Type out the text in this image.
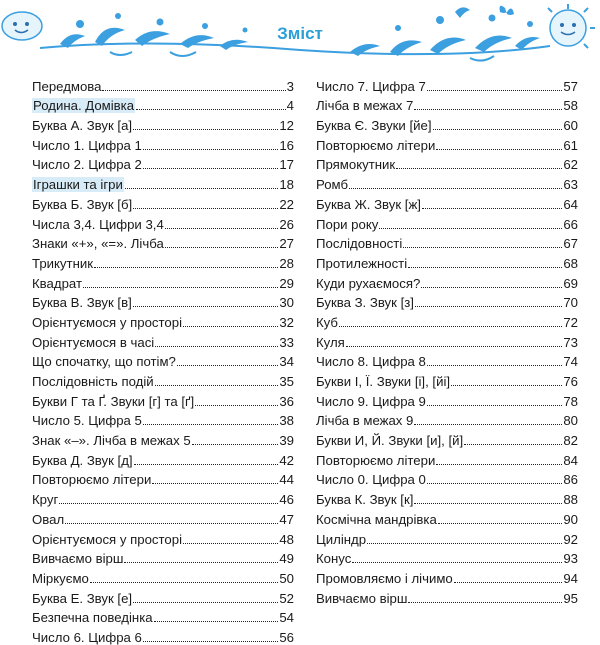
Зміст
Передмова	3
Родина. Домівка	4
Буква А. Звук [а]	12
Число 1. Цифра 1	16
Число 2. Цифра 2	17
Іграшки та ігри	18
Буква Б. Звук [б]	22
Числа 3,4. Цифри 3,4	26
Знаки «+», «=». Лічба	27
Трикутник	28
Квадрат	29
Буква В. Звук [в]	30
Орієнтуємося у просторі	32
Орієнтуємося в часі	33
Що спочатку, що потім?	34
Послідовність подій	35
Букви Г та Ґ. Звуки [г] та [ґ]	36
Число 5. Цифра 5	38
Знак «–». Лічба в межах 5	39
Буква Д. Звук [д]	42
Повторюємо літери	44
Круг	46
Овал	47
Орієнтуємося у просторі	48
Вивчаємо вірш	49
Міркуємо	50
Буква Е. Звук [е]	52
Безпечна поведінка	54
Число 6. Цифра 6	56
Число 7. Цифра 7	57
Лічба в межах 7	58
Буква Є. Звуки [йе]	60
Повторюємо літери	61
Прямокутник	62
Ромб	63
Буква Ж. Звук [ж]	64
Пори року	66
Послідовності	67
Протилежності	68
Куди рухаємося?	69
Буква З. Звук [з]	70
Куб	72
Куля	73
Число 8. Цифра 8	74
Букви І, Ї. Звуки [і], [йі]	76
Число 9. Цифра 9	78
Лічба в межах 9	80
Букви И, Й. Звуки [и], [й]	82
Повторюємо літери	84
Число 0. Цифра 0	86
Буква К. Звук [к]	88
Космічна мандрівка	90
Циліндр	92
Конус	93
Промовляємо і лічимо	94
Вивчаємо вірш	95
